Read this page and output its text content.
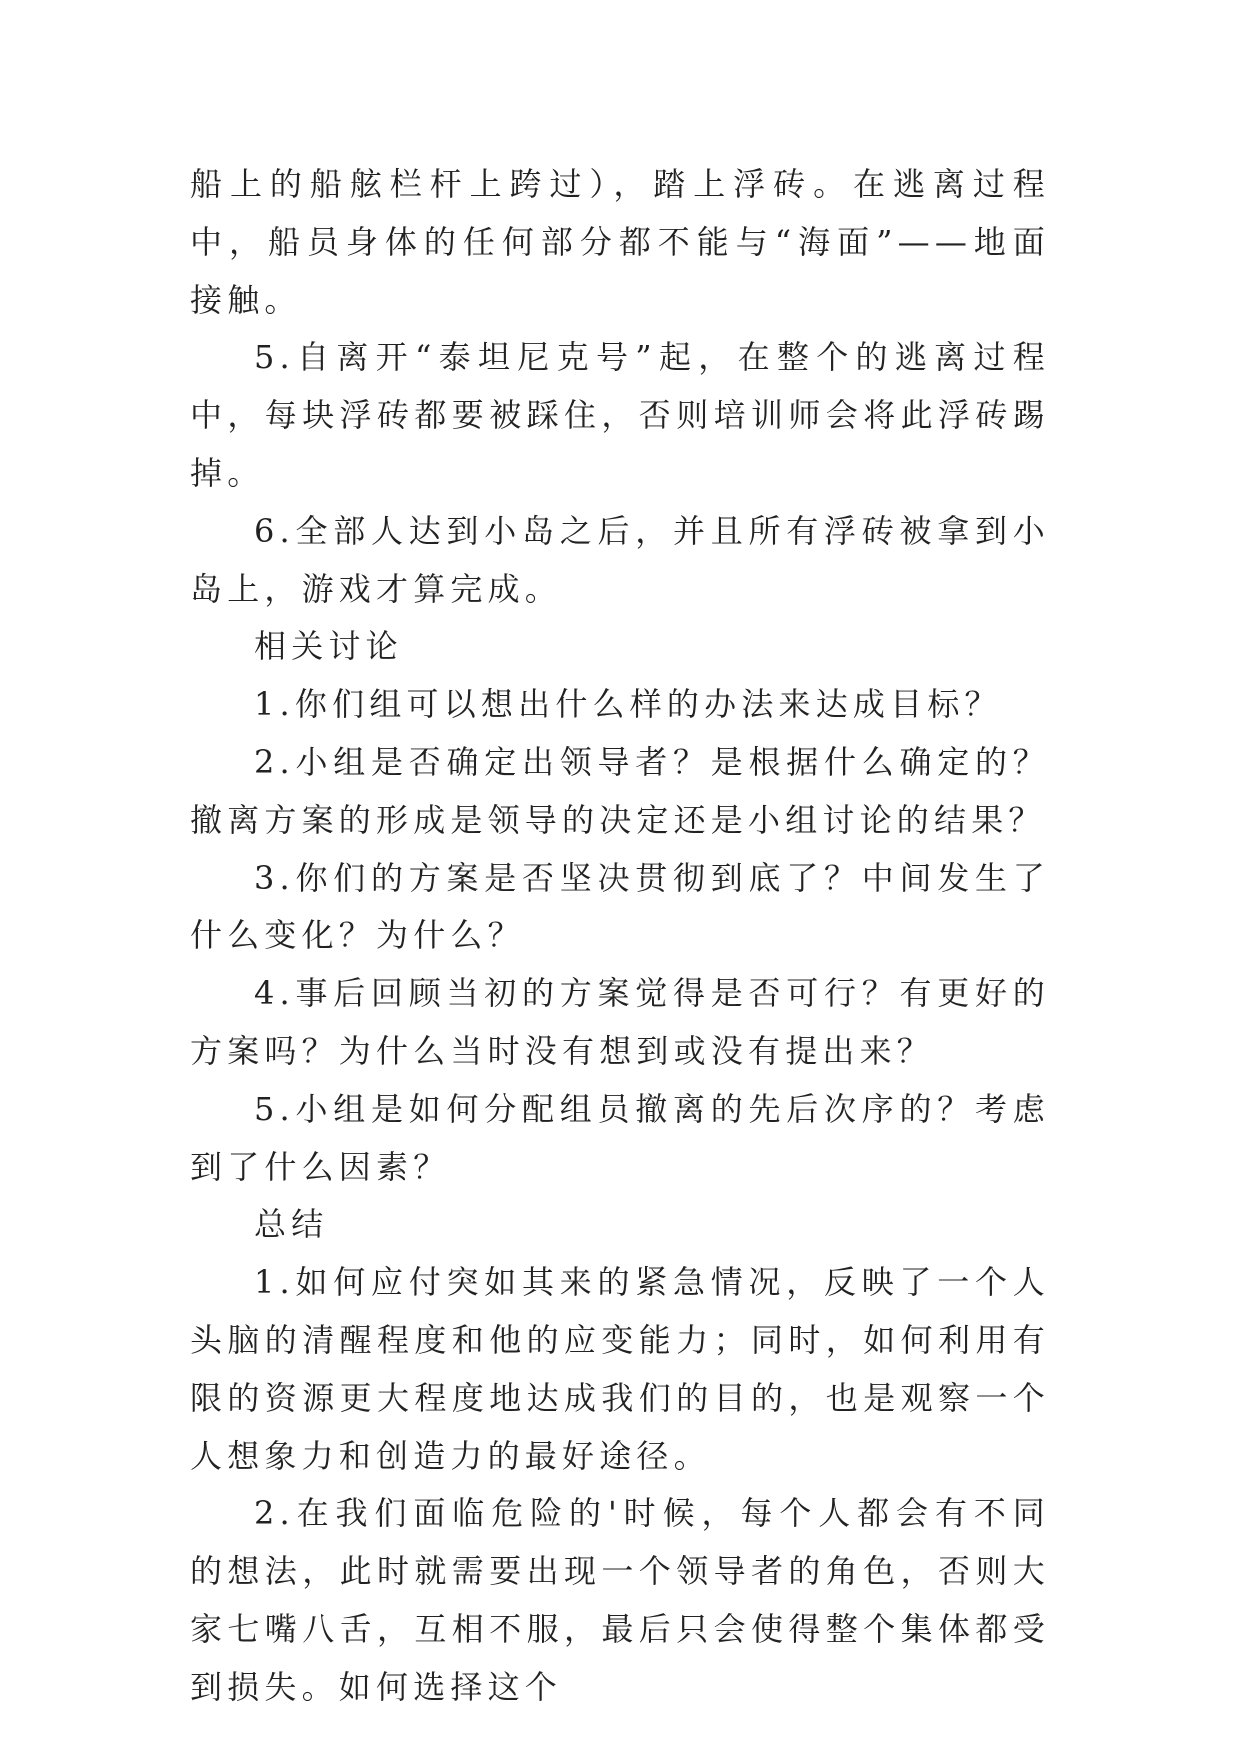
船上的船舷栏杆上跨过），踏上浮砖。在逃离过程中，船员身体的任何部分都不能与“海面”——地面接触。

5.自离开“泰坦尼克号”起，在整个的逃离过程中，每块浮砖都要被踩住，否则培训师会将此浮砖踢掉。

6.全部人达到小岛之后，并且所有浮砖被拿到小岛上，游戏才算完成。

相关讨论

1.你们组可以想出什么样的办法来达成目标？

2.小组是否确定出领导者？是根据什么确定的？撤离方案的形成是领导的决定还是小组讨论的结果？

3.你们的方案是否坚决贯彻到底了？中间发生了什么变化？为什么？

4.事后回顾当初的方案觉得是否可行？有更好的方案吗？为什么当时没有想到或没有提出来？

5.小组是如何分配组员撤离的先后次序的？考虑到了什么因素？

总结

1.如何应付突如其来的紧急情况，反映了一个人头脑的清醒程度和他的应变能力；同时，如何利用有限的资源更大程度地达成我们的目的，也是观察一个人想象力和创造力的最好途径。

2.在我们面临危险的'时候，每个人都会有不同的想法，此时就需要出现一个领导者的角色，否则大家七嘴八舌，互相不服，最后只会使得整个集体都受到损失。如何选择这个
